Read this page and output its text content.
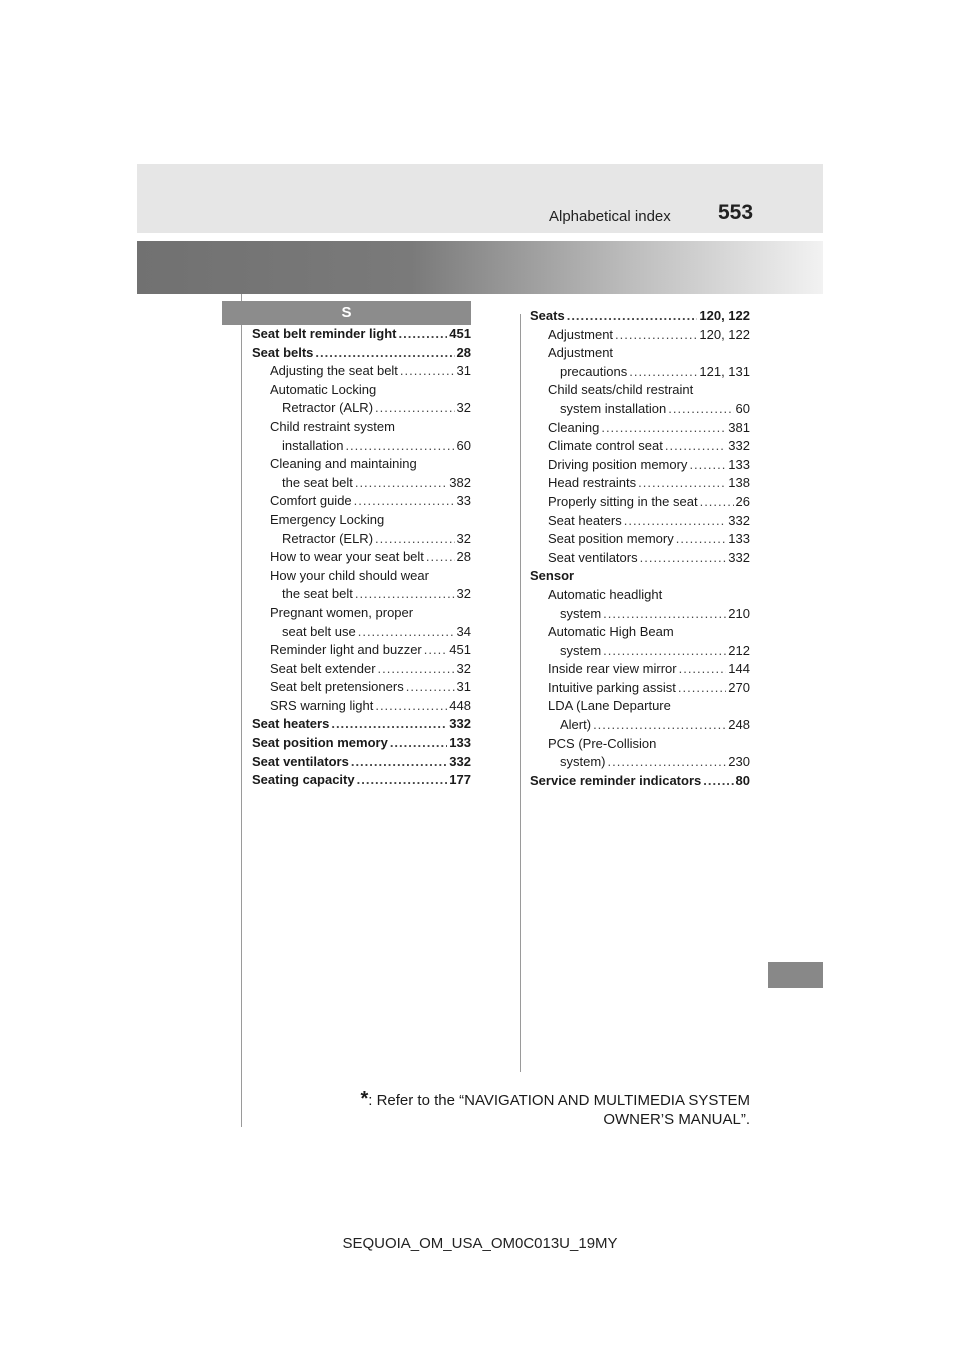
Alphabetical index 553
S
Seat belt reminder light .....	451
Seat belts .....	28
Adjusting the seat belt .....	31
Automatic Locking
Retractor (ALR) .....	32
Child restraint system
installation .....	60
Cleaning and maintaining
the seat belt .....	382
Comfort guide .....	33
Emergency Locking
Retractor (ELR) .....	32
How to wear your seat belt .....	28
How your child should wear
the seat belt .....	32
Pregnant women, proper
seat belt use .....	34
Reminder light and buzzer ..... 451
Seat belt extender .....	32
Seat belt pretensioners .....	31
SRS warning light .....	448
Seat heaters .....	332
Seat position memory .....	133
Seat ventilators .....	332
Seating capacity .....	177
Seats .....	120, 122
Adjustment .....	120, 122
Adjustment
precautions .....	121, 131
Child seats/child restraint
system installation .....	60
Cleaning .....	381
Climate control seat .....	332
Driving position memory .....	133
Head restraints .....	138
Properly sitting in the seat .....	26
Seat heaters .....	332
Seat position memory .....	133
Seat ventilators .....	332
Sensor
Automatic headlight
system .....	210
Automatic High Beam
system .....	212
Inside rear view mirror .....	144
Intuitive parking assist .....	270
LDA (Lane Departure
Alert) .....	248
PCS (Pre-Collision
system) .....	230
Service reminder indicators .....	80
*: Refer to the “NAVIGATION AND MULTIMEDIA SYSTEM
OWNER’S MANUAL”.
SEQUOIA_OM_USA_OM0C013U_19MY
